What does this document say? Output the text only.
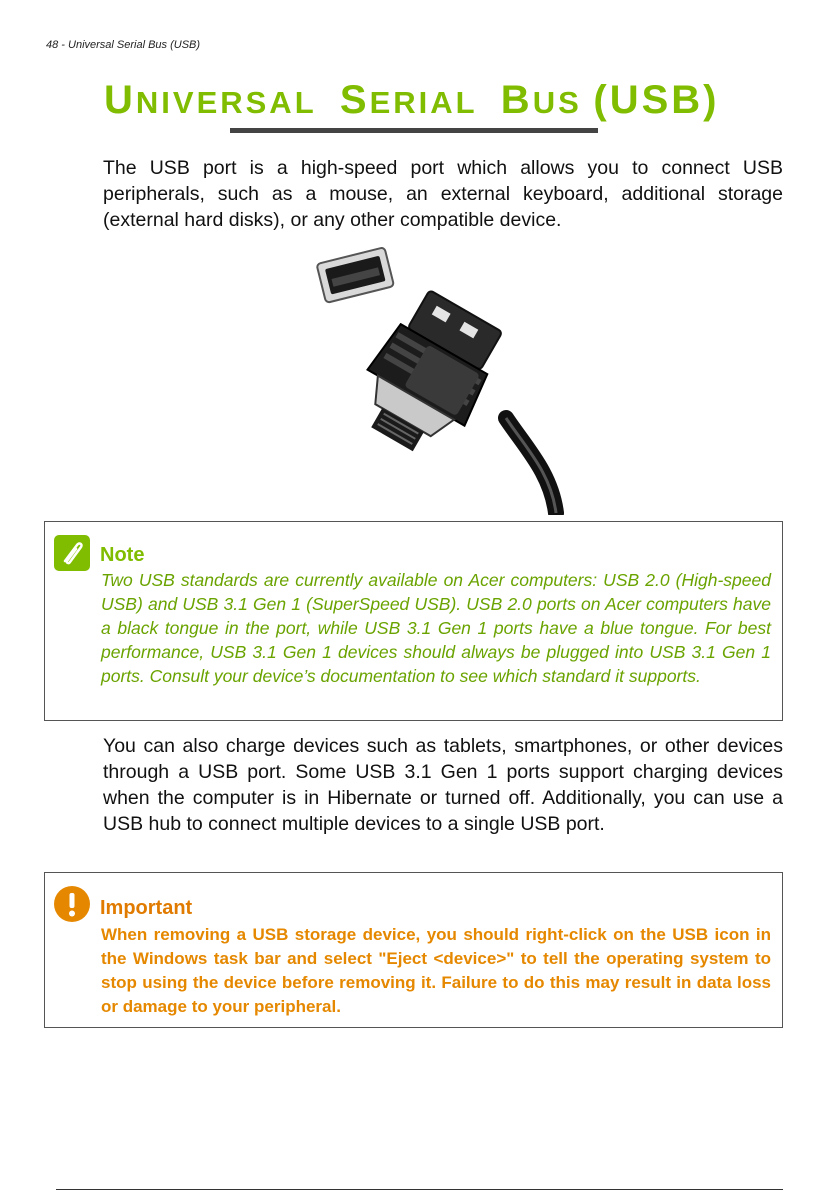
48 - Universal Serial Bus (USB)
UNIVERSAL SERIAL BUS (USB)

The USB port is a high-speed port which allows you to connect USB peripherals, such as a mouse, an external keyboard, additional storage (external hard disks), or any other compatible device.

Note

Two USB standards are currently available on Acer computers: USB 2.0 (High-speed USB) and USB 3.1 Gen 1 (SuperSpeed USB). USB 2.0 ports on Acer computers have a black tongue in the port, while USB 3.1 Gen 1 ports have a blue tongue. For best performance, USB 3.1 Gen 1 devices should always be plugged into USB 3.1 Gen 1 ports. Consult your device’s documentation to see which standard it supports.

You can also charge devices such as tablets, smartphones, or other devices through a USB port. Some USB 3.1 Gen 1 ports support charging devices when the computer is in Hibernate or turned off. Additionally, you can use a USB hub to connect multiple devices to a single USB port.

Important

When removing a USB storage device, you should right-click on the USB icon in the Windows task bar and select "Eject <device>" to tell the operating system to stop using the device before removing it. Failure to do this may result in data loss or damage to your peripheral.
